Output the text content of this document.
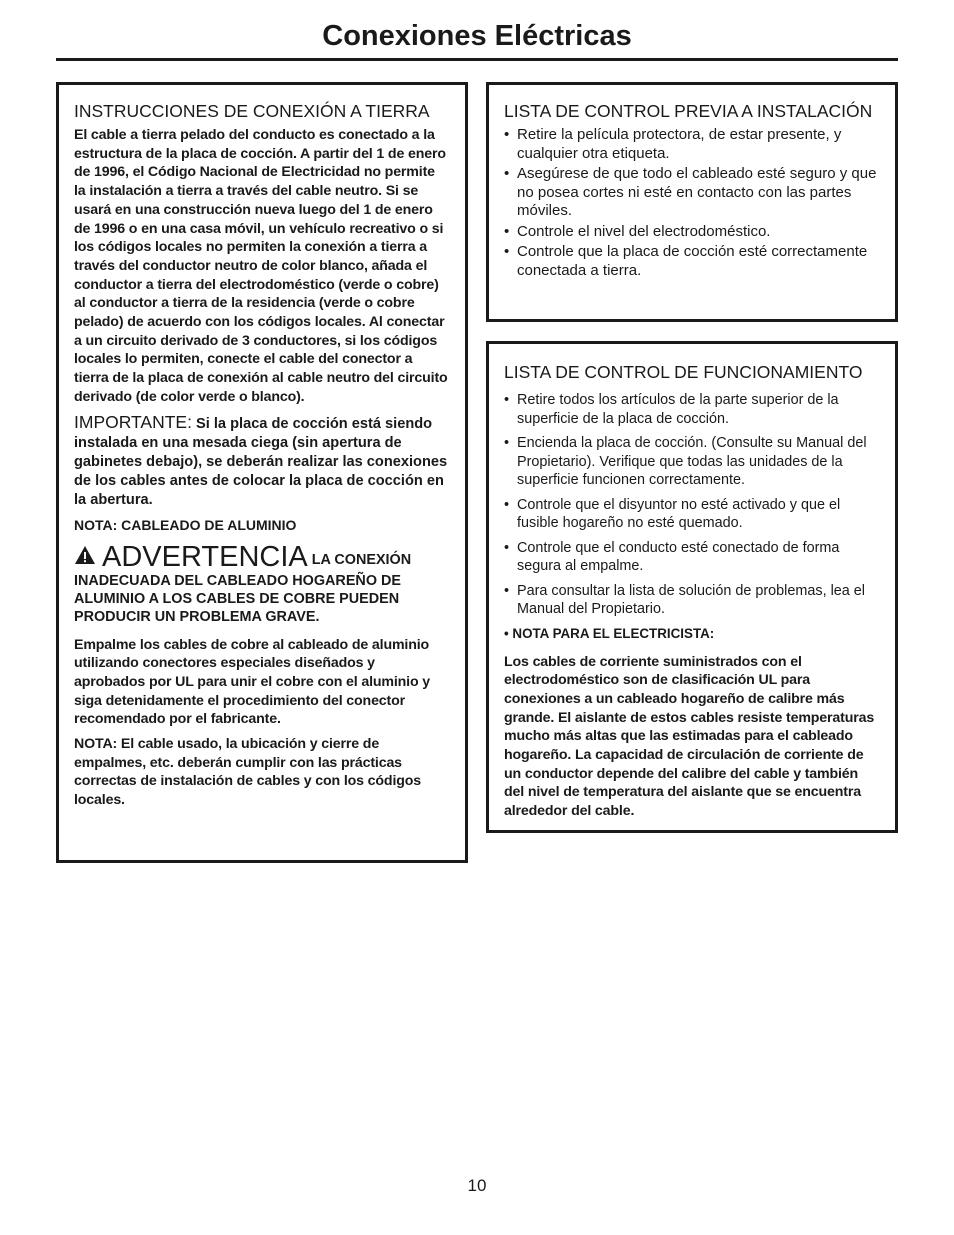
Conexiones Eléctricas
INSTRUCCIONES DE CONEXIÓN A TIERRA

El cable a tierra pelado del conducto es conectado a la estructura de la placa de cocción. A partir del 1 de enero de 1996, el Código Nacional de Electricidad no permite la instalación a tierra a través del cable neutro. Si se usará en una construcción nueva luego del 1 de enero de 1996 o en una casa móvil, un vehículo recreativo o si los códigos locales no permiten la conexión a tierra a través del conductor neutro de color blanco, añada el conductor a tierra del electrodoméstico (verde o cobre) al conductor a tierra de la residencia (verde o cobre pelado) de acuerdo con los códigos locales. Al conectar a un circuito derivado de 3 conductores, si los códigos locales lo permiten, conecte el cable del conector a tierra de la placa de conexión al cable neutro del circuito derivado (de color verde o blanco).

IMPORTANTE: Si la placa de cocción está siendo instalada en una mesada ciega (sin apertura de gabinetes debajo), se deberán realizar las conexiones de los cables antes de colocar la placa de cocción en la abertura.

NOTA: CABLEADO DE ALUMINIO

ADVERTENCIA LA CONEXIÓN INADECUADA DEL CABLEADO HOGAREÑO DE ALUMINIO A LOS CABLES DE COBRE PUEDEN PRODUCIR UN PROBLEMA GRAVE.

Empalme los cables de cobre al cableado de aluminio utilizando conectores especiales diseñados y aprobados por UL para unir el cobre con el aluminio y siga detenidamente el procedimiento del conector recomendado por el fabricante.

NOTA: El cable usado, la ubicación y cierre de empalmes, etc. deberán cumplir con las prácticas correctas de instalación de cables y con los códigos locales.

LISTA DE CONTROL PREVIA A INSTALACIÓN
• Retire la película protectora, de estar presente, y cualquier otra etiqueta.
• Asegúrese de que todo el cableado esté seguro y que no posea cortes ni esté en contacto con las partes móviles.
• Controle el nivel del electrodoméstico.
• Controle que la placa de cocción esté correctamente conectada a tierra.
LISTA DE CONTROL DE FUNCIONAMIENTO
• Retire todos los artículos de la parte superior de la superficie de la placa de cocción.
• Encienda la placa de cocción. (Consulte su Manual del Propietario). Verifique que todas las unidades de la superficie funcionen correctamente.
• Controle que el disyuntor no esté activado y que el fusible hogareño no esté quemado.
• Controle que el conducto esté conectado de forma segura al empalme.
• Para consultar la lista de solución de problemas, lea el Manual del Propietario.

• NOTA PARA EL ELECTRICISTA:

Los cables de corriente suministrados con el electrodoméstico son de clasificación UL para conexiones a un cableado hogareño de calibre más grande. El aislante de estos cables resiste temperaturas mucho más altas que las estimadas para el cableado hogareño. La capacidad de circulación de corriente de un conductor depende del calibre del cable y también del nivel de temperatura del aislante que se encuentra alrededor del cable.

10
